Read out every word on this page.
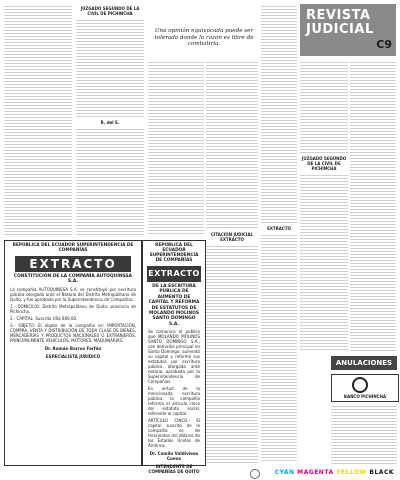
REVISTA
JUDICIAL
C9
Una opinión equivocada puede ser tolerada donde la razón es libre de combatirla.
JUZGADO SEGUNDO DE LA CIVIL DE PICHINCHA
R. del E.
CITACIÓN JUDICIAL EXTRACTO
EXTRACTO
JUZGADO SEGUNDO DE LA CIVIL DE PICHINCHA
REPÚBLICA DEL ECUADOR SUPERINTENDENCIA DE COMPAÑÍAS
EXTRACTO
CONSTITUCIÓN DE LA COMPAÑÍA AUTOQUINSSA S.A.
La compañía AUTOQUINSSA S.A. se constituyó por escritura pública otorgada ante el Notario del Distrito Metropolitano de Quito, y fue aprobada por la Superintendencia de Compañías.
1.- DOMICILIO: Distrito Metropolitano de Quito, provincia de Pichincha.
2.- CAPITAL: Suscrito US$ 800,00.
3.- OBJETO: El objeto de la compañía es: IMPORTACIÓN, COMPRA, VENTA Y DISTRIBUCIÓN DE TODA CLASE DE BIENES, MERCADERÍAS Y PRODUCTOS NACIONALES O EXTRANJEROS, PRINCIPALMENTE VEHÍCULOS, MOTORES, MAQUINARIAS.
Dr. Román Barros Farfán
ESPECIALISTA JURÍDICO
REPÚBLICA DEL ECUADOR SUPERINTENDENCIA DE COMPAÑÍAS
EXTRACTO
DE LA ESCRITURA PÚBLICA DE AUMENTO DE CAPITAL Y REFORMA DE ESTATUTOS DE MOLANDO MOLINOS SANTO DOMINGO S.A.
Se comunica al público que MOLANDO MOLINOS SANTO DOMINGO S.A., con domicilio principal en Santo Domingo, aumentó su capital y reformó sus estatutos por escritura pública otorgada ante notario, aprobada por la Superintendencia de Compañías.
En virtud de la mencionada escritura pública, la compañía reforma el artículo cinco del estatuto social, referente al capital.
ARTÍCULO CINCO.- El capital suscrito de la compañía es de trescientos mil dólares de los Estados Unidos de América.
Dr. Camilo Valdivieso Cueva
INTENDENTE DE COMPAÑÍAS DE QUITO
ANULACIONES
BANCO PICHINCHA
CYAN MAGENTA YELLOW BLACK
